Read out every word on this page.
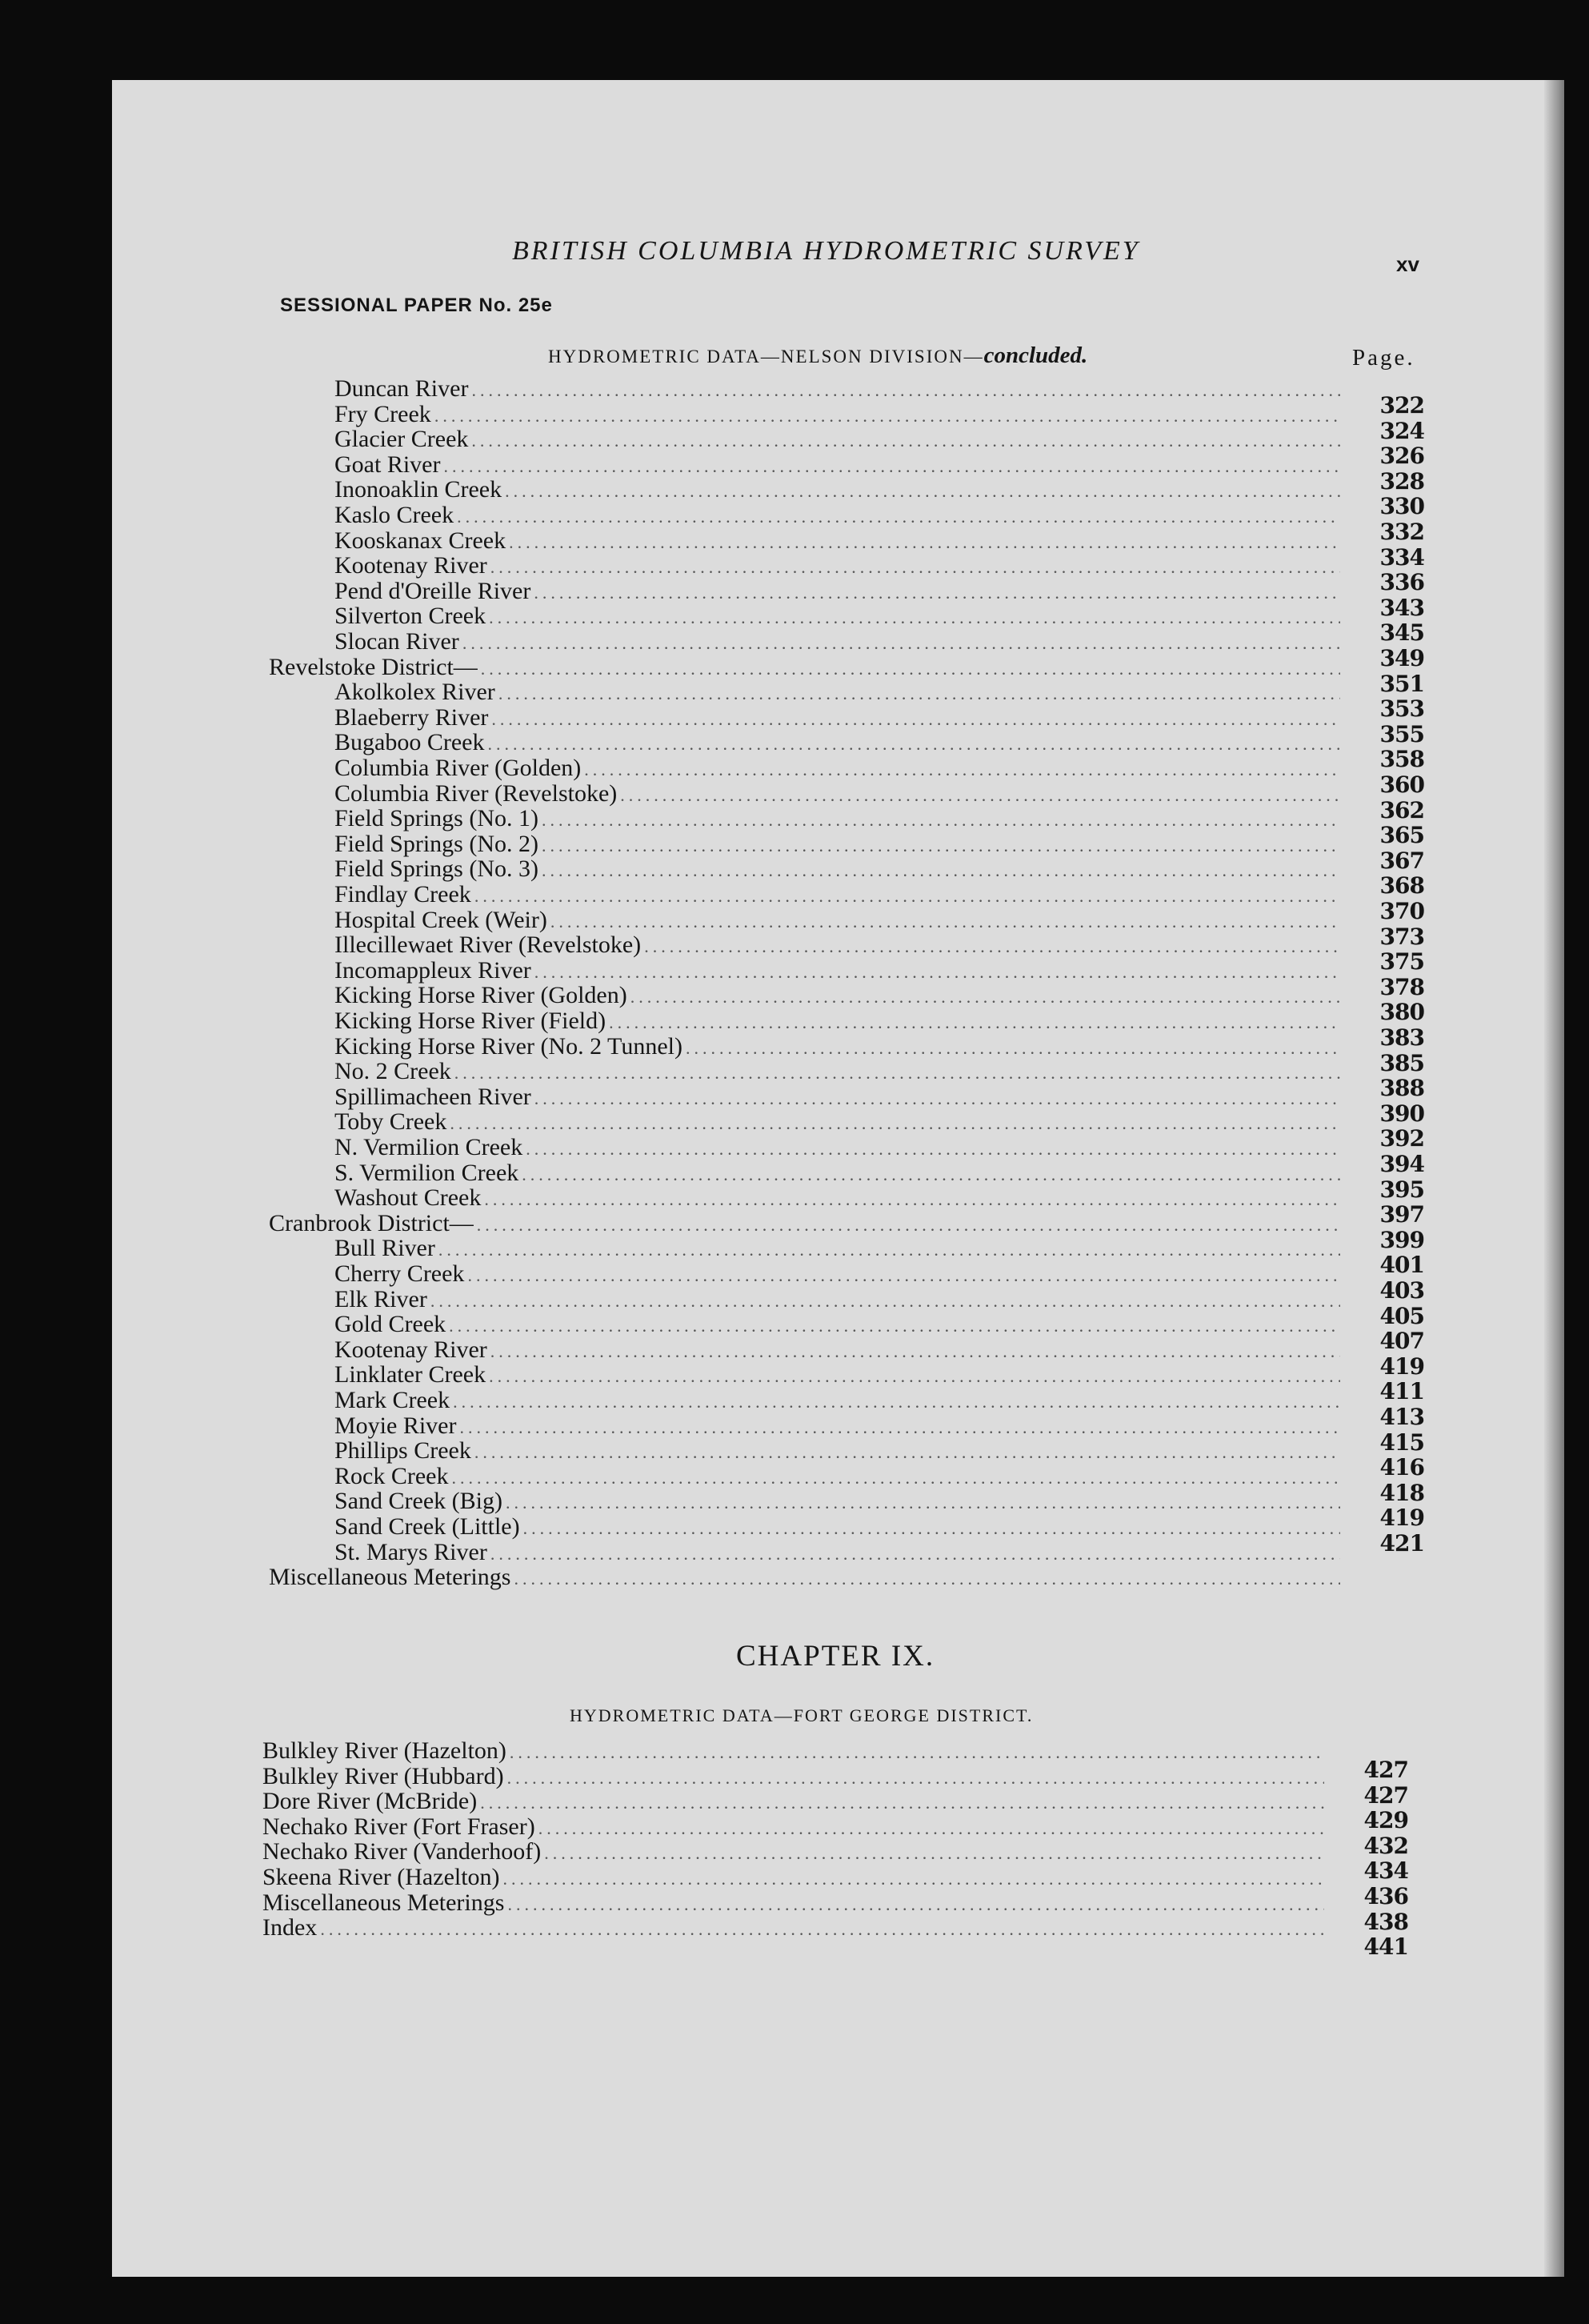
BRITISH COLUMBIA HYDROMETRIC SURVEY	xv
SESSIONAL PAPER No. 25e
HYDROMETRIC DATA—NELSON DIVISION—concluded.	Page.
Duncan River
.....
Fry Creek
.....
Glacier Creek
.....
Goat River
.....
Inonoaklin Creek
.....
Kaslo Creek
.....
Kooskanax Creek
.....
Kootenay River
.....
Pend d'Oreille River
.....
Silverton Creek
.....
Slocan River
.....
Revelstoke District—
.....
Akolkolex River
.....
Blaeberry River
.....
Bugaboo Creek
.....
Columbia River (Golden)
.....
Columbia River (Revelstoke)
.....
Field Springs (No. 1)
.....
Field Springs (No. 2)
.....
Field Springs (No. 3)
.....
Findlay Creek
.....
Hospital Creek (Weir)
.....
Illecillewaet River (Revelstoke)
.....
Incomappleux River
.....
Kicking Horse River (Golden)
.....
Kicking Horse River (Field)
.....
Kicking Horse River (No. 2 Tunnel)
.....
No. 2 Creek
.....
Spillimacheen River
.....
Toby Creek
.....
N. Vermilion Creek
.....
S. Vermilion Creek
.....
Washout Creek
.....
Cranbrook District—
.....
Bull River
.....
Cherry Creek
.....
Elk River
.....
Gold Creek
.....
Kootenay River
.....
Linklater Creek
.....
Mark Creek
.....
Moyie River
.....
Phillips Creek
.....
Rock Creek
.....
Sand Creek (Big)
.....
Sand Creek (Little)
.....
St. Marys River
.....
Miscellaneous Meterings
.....
322
324
326
328
330
332
334
336
343
345
349
351
353
355
358
360
362
365
367
368
370
373
375
378
380
383
385
388
390
392
394
395
397
399
401
403
405
407
419
411
413
415
416
418
419
421
CHAPTER IX.
HYDROMETRIC DATA—FORT GEORGE DISTRICT.
Bulkley River (Hazelton)
.....
Bulkley River (Hubbard)
.....
Dore River (McBride)
.....
Nechako River (Fort Fraser)
.....
Nechako River (Vanderhoof)
.....
Skeena River (Hazelton)
.....
Miscellaneous Meterings
.....
Index
.....
427
427
429
432
434
436
438
441
